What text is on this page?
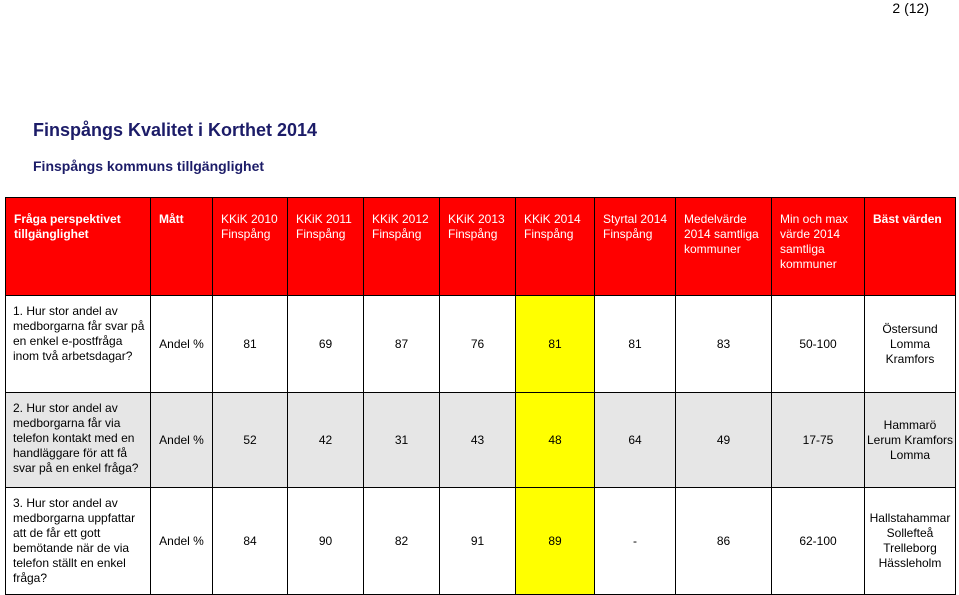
2 (12)
Finspångs Kvalitet i Korthet 2014
Finspångs kommuns tillgänglighet
Fråga perspektivet tillgänglighet	Mått	KKiK 2010 Finspång	KKiK 2011 Finspång	KKiK 2012 Finspång	KKiK 2013 Finspång	KKiK 2014 Finspång	Styrtal 2014 Finspång	Medelvärde 2014 samtliga kommuner	Min och max värde 2014 samtliga kommuner	Bäst värden
1. Hur stor andel av medborgarna får svar på en enkel e-postfråga inom två arbetsdagar?	Andel %	81	69	87	76	81	81	83	50-100	Östersund Lomma Kramfors
2. Hur stor andel av medborgarna får via telefon kontakt med en handläggare för att få svar på en enkel fråga?	Andel %	52	42	31	43	48	64	49	17-75	Hammarö Lerum Kramfors Lomma
3. Hur stor andel av medborgarna uppfattar att de får ett gott bemötande när de via telefon ställt en enkel fråga?	Andel %	84	90	82	91	89	-	86	62-100	Hallstahammar Sollefteå Trelleborg Hässleholm
